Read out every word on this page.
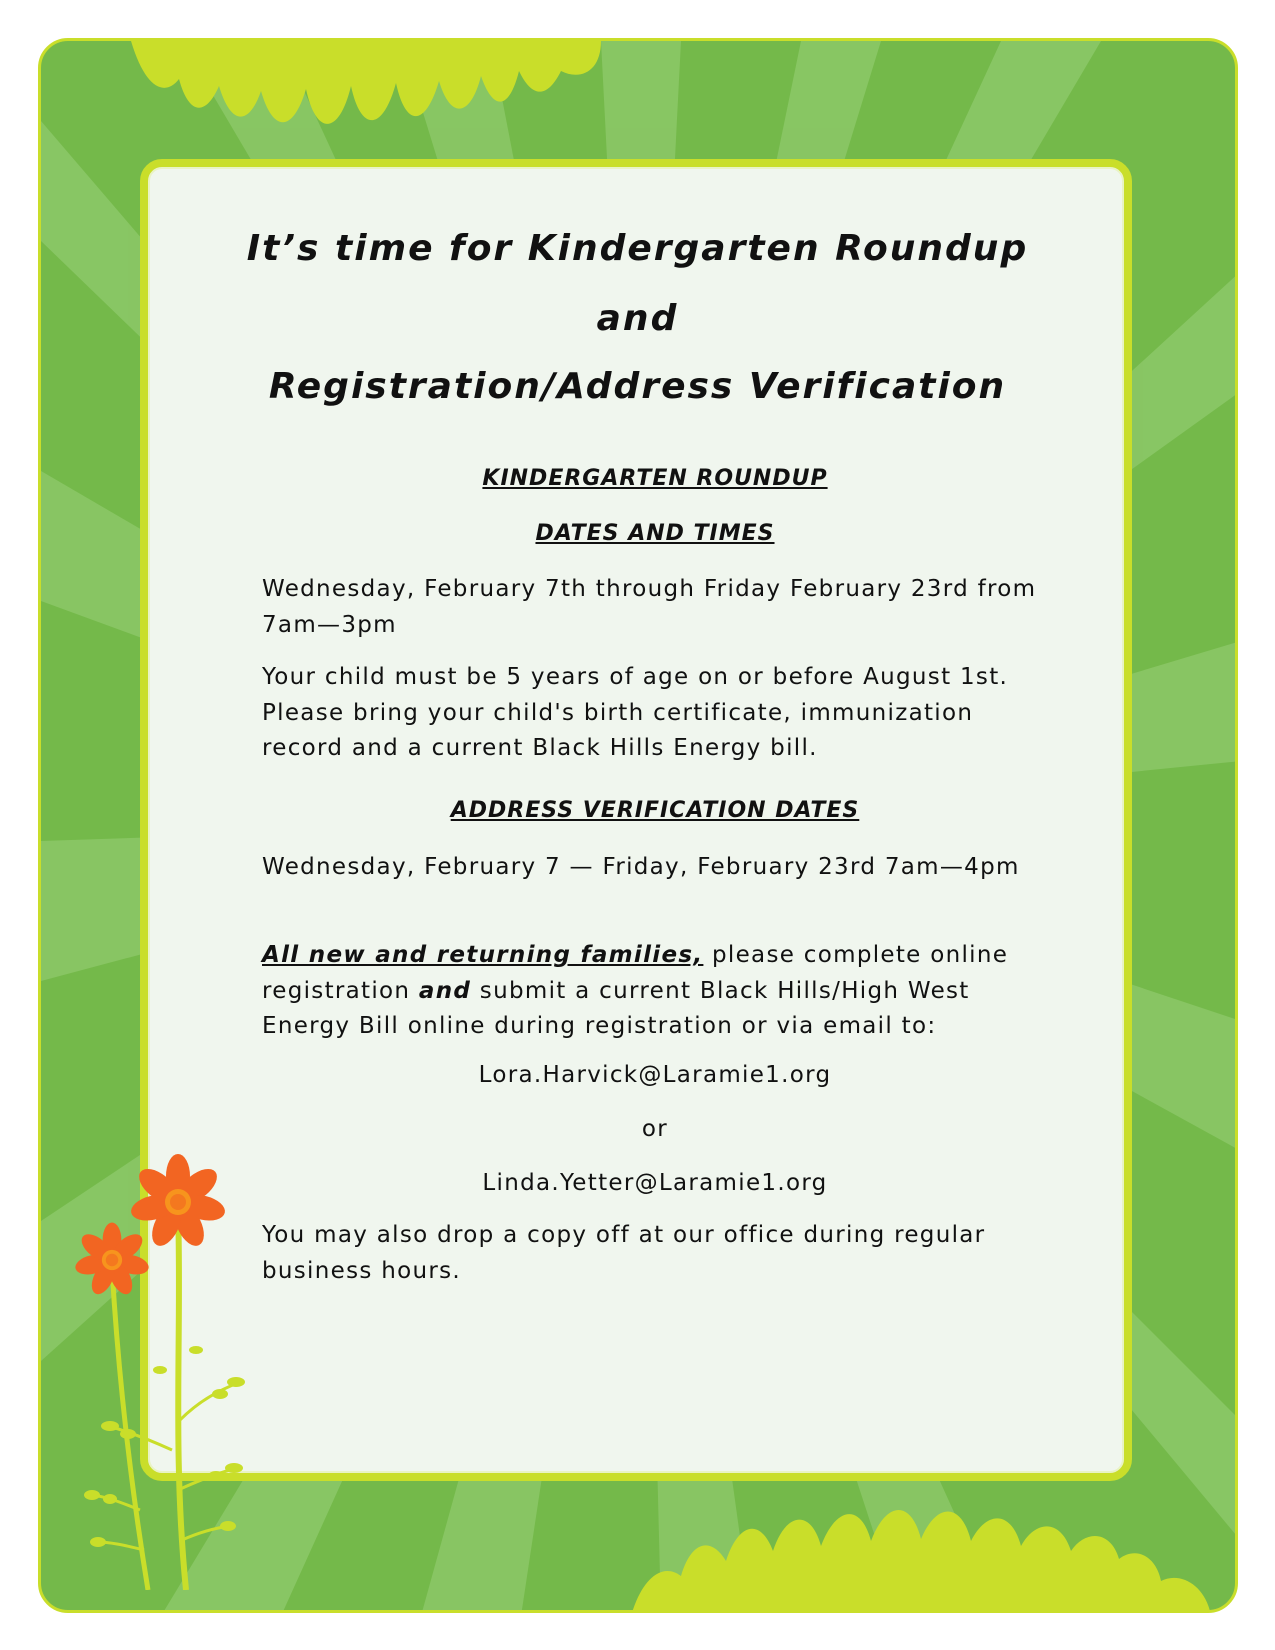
It’s time for Kindergarten Roundup
and
Registration/Address Verification
KINDERGARTEN ROUNDUP
DATES AND TIMES

Wednesday, February 7th through Friday February 23rd from 7am—3pm

Your child must be 5 years of age on or before August 1st. Please bring your child's birth certificate, immunization record and a current Black Hills Energy bill.

ADDRESS VERIFICATION DATES

Wednesday, February 7 — Friday, February 23rd 7am—4pm

All new and returning families, please complete online registration and submit a current Black Hills/High West Energy Bill online during registration or via email to:

Lora.Harvick@Laramie1.org

or

Linda.Yetter@Laramie1.org

You may also drop a copy off at our office during regular business hours.
